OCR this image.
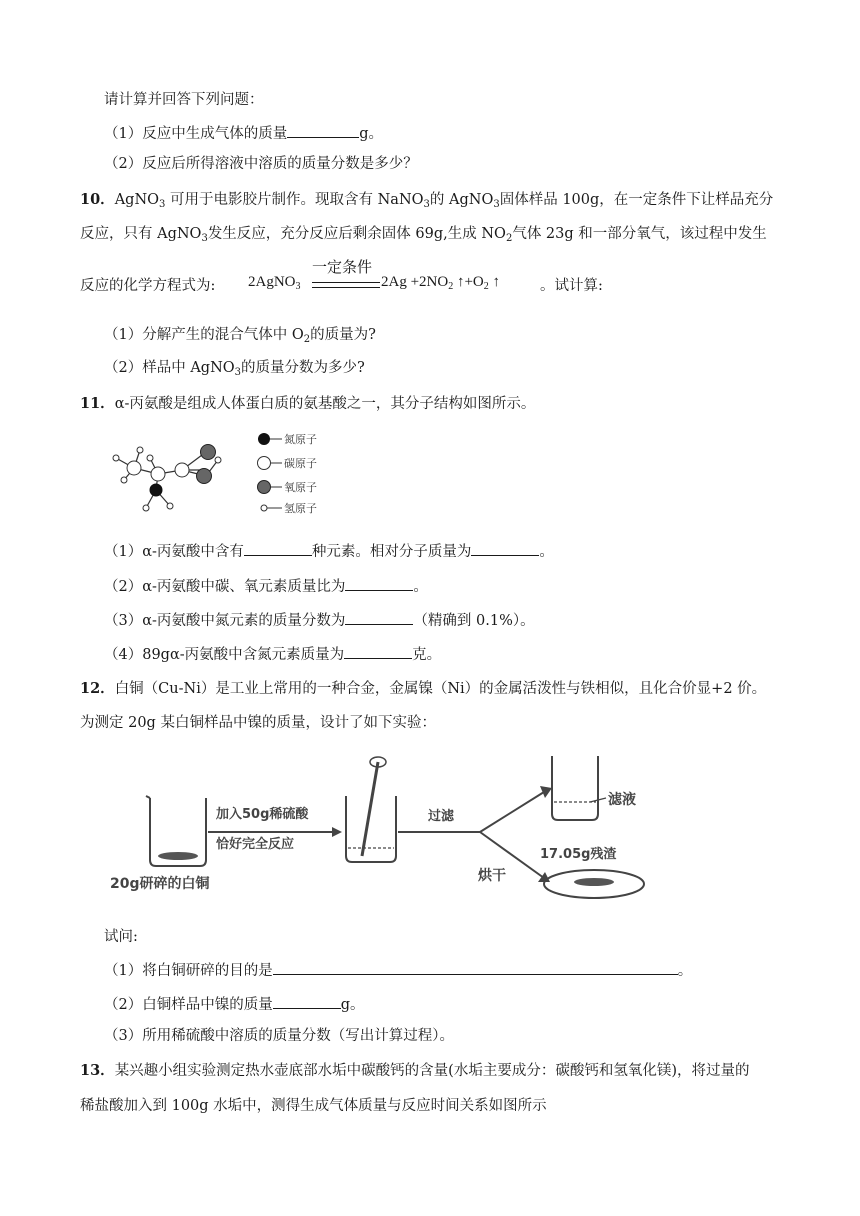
请计算并回答下列问题：
（1）反应中生成气体的质量	g。
（2）反应后所得溶液中溶质的质量分数是多少？
10．AgNO$_3$ 可用于电影胶片制作。现取含有 NaNO$_3$的 AgNO$_3$固体样品 100g，在一定条件下让样品充分
反应，只有 AgNO$_3$发生反应，充分反应后剩余固体 69g,生成 $NO_2$气体 23g 和一部分氧气，该过程中发生
反应的化学方程式为: 2AgNO$_3$
一定条件
$2Ag +2NO_2$ $↑+O_2$ ↑	。试计算:
（1）分解产生的混合气体中 $O_2$的质量为?
（2）样品中 AgNO$_3$的质量分数为多少?
11．α-丙氨酸是组成人体蛋白质的氨基酸之一，其分子结构如图所示。
氮原子
碳原子
氧原子
氢原子
（1）α-丙氨酸中含有	种元素。相对分子质量为	。
（2）α-丙氨酸中碳、氧元素质量比为	。
（3）α-丙氨酸中氮元素的质量分数为	（精确到 0.1%）。
（4）89gα-丙氨酸中含氮元素质量为	克。
12．白铜（Cu-Ni）是工业上常用的一种合金，金属镍（Ni）的金属活泼性与铁相似，且化合价显+2 价。
为测定 20g 某白铜样品中镍的质量，设计了如下实验：
20g研碎的白铜
加入50g稀硫酸
恰好完全反应
过滤
烘干
滤液
17.05g残渣
试问:
（1）将白铜研碎的目的是	。
（2）白铜样品中镍的质量	g。
（3）所用稀硫酸中溶质的质量分数（写出计算过程）。
13．某兴趣小组实验测定热水壶底部水垢中碳酸钙的含量(水垢主要成分：碳酸钙和氢氧化镁)，将过量的
稀盐酸加入到 100g 水垢中，测得生成气体质量与反应时间关系如图所示
